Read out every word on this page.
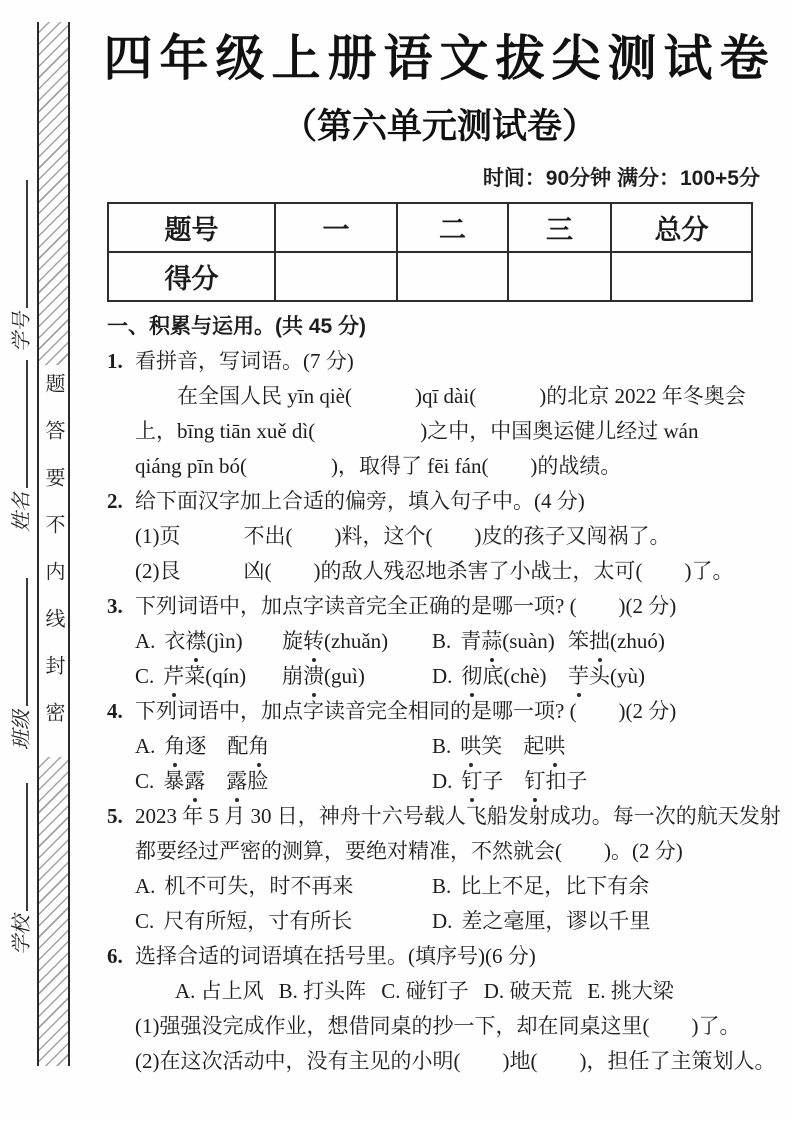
学号
姓名
班级
学校
题答要不内线封密
四年级上册语文拔尖测试卷
（第六单元测试卷）
时间：90分钟 满分：100+5分
题号	一	二	三	总分
得分				
一、积累与运用。(共 45 分)
1. 看拼音，写词语。(7 分)
在全国人民 yīn qiè(　　　)qī dài(　　　)的北京 2022 年冬奥会
上，bīng tiān xuě dì(　　　　　)之中，中国奥运健儿经过 wán
qiáng pīn bó(　　　　)，取得了 fēi fán(　　)的战绩。
2. 给下面汉字加上合适的偏旁，填入句子中。(4 分)
(1)页　　　不出(　　)料，这个(　　)皮的孩子又闯祸了。
(2)艮　　　凶(　　)的敌人残忍地杀害了小战士，太可(　　)了。
3. 下列词语中，加点字读音完全正确的是哪一项? (　　)(2 分)
A. 衣襟(jìn)	旋转(zhuǎn)	B. 青蒜(suàn) 笨拙(zhuó)
C. 芹菜(qín)	崩溃(guì)	D. 彻底(chè)	芋头(yù)
4. 下列词语中，加点字读音完全相同的是哪一项? (　　)(2 分)
A. 角逐　配角	B. 哄笑　起哄
C. 暴露　 露脸	D. 钉子　钉扣子
5. 2023 年 5 月 30 日，神舟十六号载人飞船发射成功。每一次的航天发射
都要经过严密的测算，要绝对精准，不然就会(　　)。(2 分)
A. 机不可失，时不再来	B. 比上不足，比下有余
C. 尺有所短，寸有所长	D. 差之毫厘，谬以千里
6. 选择合适的词语填在括号里。(填序号)(6 分)
A. 占上风 B. 打头阵 C. 碰钉子 D. 破天荒 E. 挑大梁
(1)强强没完成作业，想借同桌的抄一下，却在同桌这里(　　)了。
(2)在这次活动中，没有主见的小明(　　)地(　　)，担任了主策划人。
